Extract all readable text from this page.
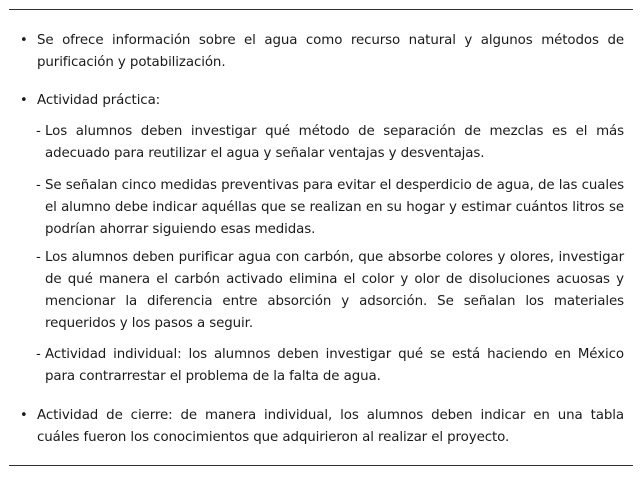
• Se ofrece información sobre el agua como recurso natural y algunos métodos de purificación y potabilización.
• Actividad práctica:
- Los alumnos deben investigar qué método de separación de mezclas es el más adecuado para reutilizar el agua y señalar ventajas y desventajas.
- Se señalan cinco medidas preventivas para evitar el desperdicio de agua, de las cuales el alumno debe indicar aquéllas que se realizan en su hogar y estimar cuántos litros se podrían ahorrar siguiendo esas medidas.
- Los alumnos deben purificar agua con carbón, que absorbe colores y olores, investigar de qué manera el carbón activado elimina el color y olor de disoluciones acuosas y mencionar la diferencia entre absorción y adsorción. Se señalan los materiales requeridos y los pasos a seguir.
- Actividad individual: los alumnos deben investigar qué se está haciendo en México para contrarrestar el problema de la falta de agua.
• Actividad de cierre: de manera individual, los alumnos deben indicar en una tabla cuáles fueron los conocimientos que adquirieron al realizar el proyecto.
